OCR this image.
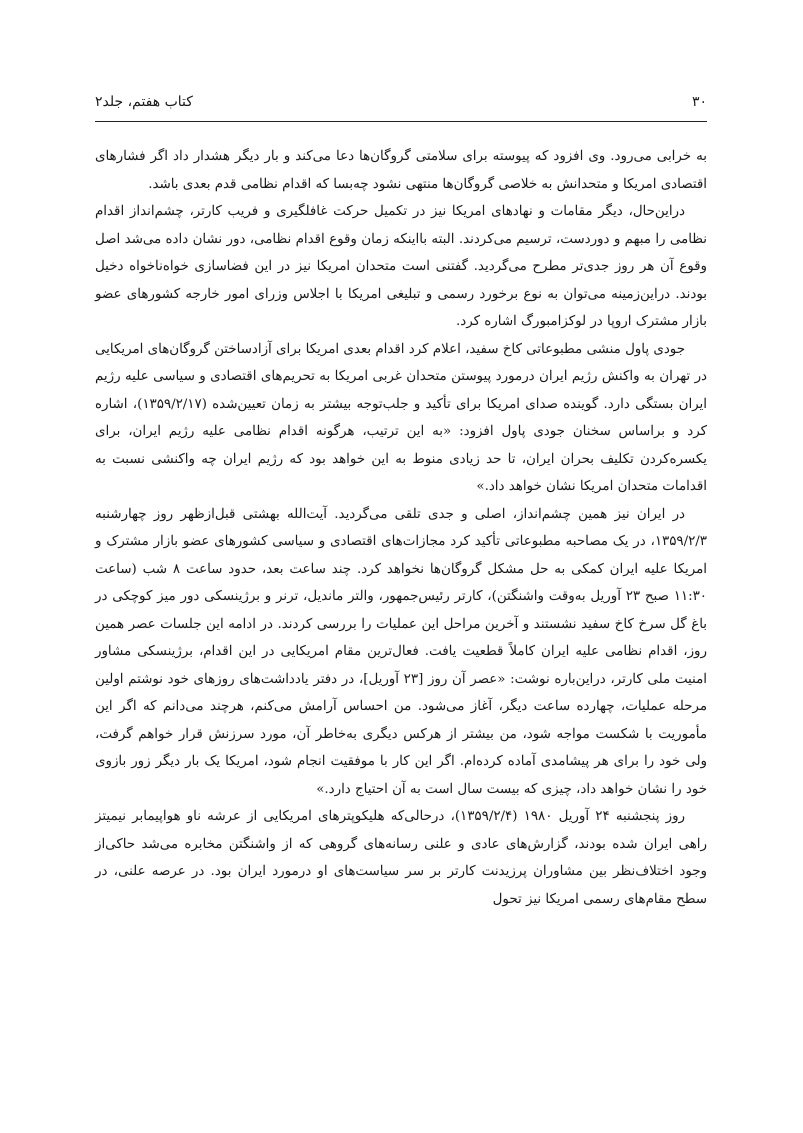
۳۰
کتاب هفتم، جلد۲

به خرابی می‌رود. وی افزود که پیوسته برای سلامتی گروگان‌ها دعا می‌کند و بار دیگر هشدار داد اگر فشارهای اقتصادی امریکا و متحدانش به خلاصی گروگان‌ها منتهی نشود چه‌بسا که اقدام نظامی قدم بعدی باشد.

دراین‌حال، دیگر مقامات و نهادهای امریکا نیز در تکمیل حرکت غافلگیری و فریب کارتر، چشم‌انداز اقدام نظامی را مبهم و دوردست، ترسیم می‌کردند. البته بااینکه زمان وقوع اقدام نظامی، دور نشان داده می‌شد اصل وقوع آن هر روز جدی‌تر مطرح می‌گردید. گفتنی است متحدان امریکا نیز در این فضاسازی خواه‌ناخواه دخیل بودند. دراین‌زمینه می‌توان به نوع برخورد رسمی و تبلیغی امریکا با اجلاس وزرای امور خارجه کشورهای عضو بازار مشترک اروپا در لوکزامبورگ اشاره کرد.

جودی پاول منشی مطبوعاتی کاخ سفید، اعلام کرد اقدام بعدی امریکا برای آزادساختن گروگان‌های امریکایی در تهران به واکنش رژیم ایران درمورد پیوستن متحدان غربی امریکا به تحریم‌های اقتصادی و سیاسی علیه رژیم ایران بستگی دارد. گوینده صدای امریکا برای تأکید و جلب‌توجه بیشتر به زمان تعیین‌شده (۱۳۵۹/۲/۱۷)، اشاره کرد و براساس سخنان جودی پاول افزود: «به این ترتیب، هرگونه اقدام نظامی علیه رژیم ایران، برای یکسره‌کردن تکلیف بحران ایران، تا حد زیادی منوط به این خواهد بود که رژیم ایران چه واکنشی نسبت به اقدامات متحدان امریکا نشان خواهد داد.»

در ایران نیز همین چشم‌انداز، اصلی و جدی تلقی می‌گردید. آیت‌الله بهشتی قبل‌ازظهر روز چهارشنبه ۱۳۵۹/۲/۳، در یک مصاحبه مطبوعاتی تأکید کرد مجازات‌های اقتصادی و سیاسی کشورهای عضو بازار مشترک و امریکا علیه ایران کمکی به حل مشکل گروگان‌ها نخواهد کرد. چند ساعت بعد، حدود ساعت ۸ شب (ساعت ۱۱:۳۰ صبح ۲۳ آوریل به‌وقت واشنگتن)، کارتر رئیس‌جمهور، والتر ماندیل، ترنر و برژینسکی دور میز کوچکی در باغ گل سرخ کاخ سفید نشستند و آخرین مراحل این عملیات را بررسی کردند. در ادامه این جلسات عصر همین روز، اقدام نظامی علیه ایران کاملاً قطعیت یافت. فعال‌ترین مقام امریکایی در این اقدام، برژینسکی مشاور امنیت ملی کارتر، دراین‌باره نوشت: «عصر آن روز [۲۳ آوریل]، در دفتر یادداشت‌های روزهای خود نوشتم اولین مرحله عملیات، چهارده ساعت دیگر، آغاز می‌شود. من احساس آرامش می‌کنم، هرچند می‌دانم که اگر این مأموریت با شکست مواجه شود، من بیشتر از هرکس دیگری به‌خاطر آن، مورد سرزنش قرار خواهم گرفت، ولی خود را برای هر پیشامدی آماده کرده‌ام. اگر این کار با موفقیت انجام شود، امریکا یک بار دیگر زور بازوی خود را نشان خواهد داد، چیزی که بیست سال است به آن احتیاج دارد.»

روز پنجشنبه ۲۴ آوریل ۱۹۸۰ (۱۳۵۹/۲/۴)، درحالی‌که هلیکوپترهای امریکایی از عرشه ناو هواپیمابر نیمیتز راهی ایران شده بودند، گزارش‌های عادی و علنی رسانه‌های گروهی که از واشنگتن مخابره می‌شد حاکی‌از وجود اختلاف‌نظر بین مشاوران پرزیدنت کارتر بر سر سیاست‌های او درمورد ایران بود. در عرصه علنی، در سطح مقام‌های رسمی امریکا نیز تحول
